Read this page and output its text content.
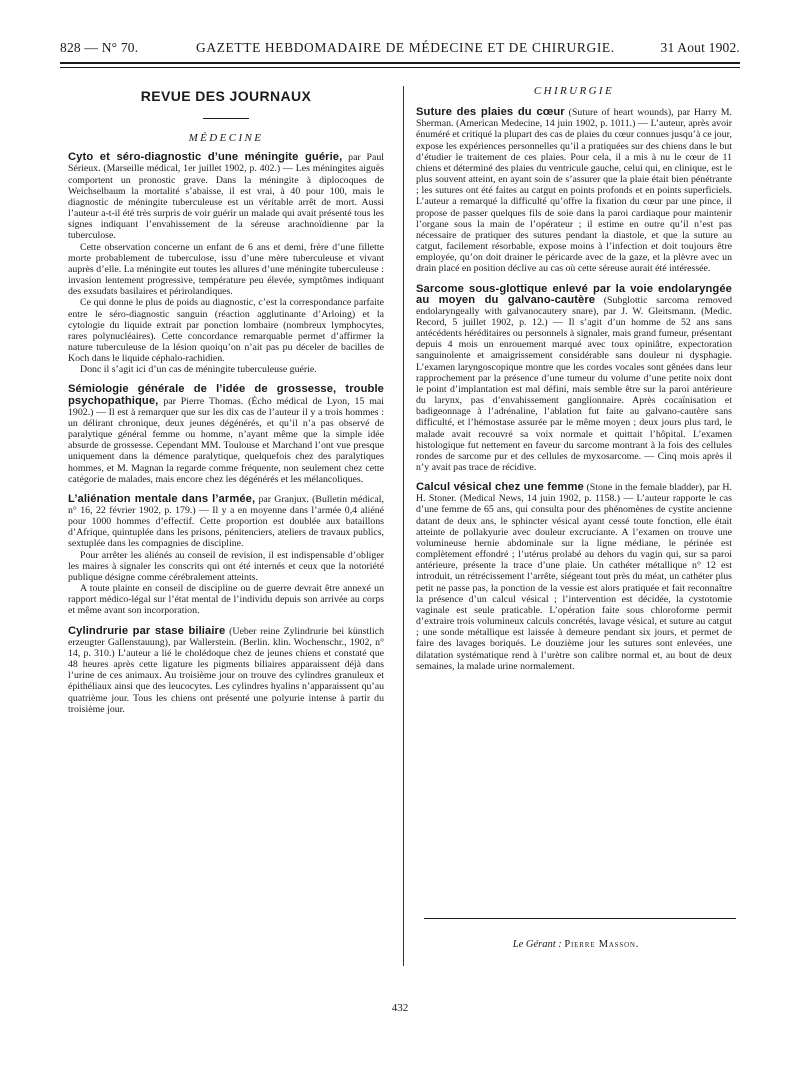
828 — N° 70.	GAZETTE HEBDOMADAIRE DE MÉDECINE ET DE CHIRURGIE.	31 Aout 1902.
REVUE DES JOURNAUX
MÉDECINE

Cyto et séro-diagnostic d’une méningite guérie, par Paul Sérieux. (Marseille médical, 1er juillet 1902, p. 402.) — Les méningites aiguës comportent un pronostic grave. Dans la méningite à diplocoques de Weichselbaum la mortalité s’abaisse, il est vrai, à 40 pour 100, mais le diagnostic de méningite tuberculeuse est un véritable arrêt de mort. Aussi l’auteur a-t-il été très surpris de voir guérir un malade qui avait présenté tous les signes indiquant l’envahissement de la séreuse arachnoïdienne par la tuberculose.

Cette observation concerne un enfant de 6 ans et demi, frère d’une fillette morte probablement de tuberculose, issu d’une mère tuberculeuse et vivant auprès d’elle. La méningite eut toutes les allures d’une méningite tuberculeuse : invasion lentement progressive, température peu élevée, symptômes indiquant des exsudats basilaires et périrolandiques.

Ce qui donne le plus de poids au diagnostic, c’est la correspondance parfaite entre le séro-diagnostic sanguin (réaction agglutinante d’Arloing) et la cytologie du liquide extrait par ponction lombaire (nombreux lymphocytes, rares polynucléaires). Cette concordance remarquable permet d’affirmer la nature tuberculeuse de la lésion quoiqu’on n’ait pas pu déceler de bacilles de Koch dans le liquide céphalo-rachidien.

Donc il s’agit ici d’un cas de méningite tuberculeuse guérie.

Sémiologie générale de l’idée de grossesse, trouble psychopathique, par Pierre Thomas. (Écho médical de Lyon, 15 mai 1902.) — Il est à remarquer que sur les dix cas de l’auteur il y a trois hommes : un délirant chronique, deux jeunes dégénérés, et qu’il n’a pas observé de paralytique général femme ou homme, n’ayant même que la simple idée absurde de grossesse. Cependant MM. Toulouse et Marchand l’ont vue presque uniquement dans la démence paralytique, quelquefois chez des paralytiques hommes, et M. Magnan la regarde comme fréquente, non seulement chez cette catégorie de malades, mais encore chez les dégénérés et les mélancoliques.

L’aliénation mentale dans l’armée, par Granjux. (Bulletin médical, n° 16, 22 février 1902, p. 179.) — Il y a en moyenne dans l’armée 0,4 aliéné pour 1000 hommes d’effectif. Cette proportion est doublée aux bataillons d’Afrique, quintuplée dans les prisons, pénitenciers, ateliers de travaux publics, sextuplée dans les compagnies de discipline.

Pour arrêter les aliénés au conseil de revision, il est indispensable d’obliger les maires à signaler les conscrits qui ont été internés et ceux que la notoriété publique désigne comme cérébralement atteints.

A toute plainte en conseil de discipline ou de guerre devrait être annexé un rapport médico-légal sur l’état mental de l’individu depuis son arrivée au corps et même avant son incorporation.

Cylindrurie par stase biliaire (Ueber reine Zylindrurie bei künstlich erzeugter Gallenstauung), par Wallerstein. (Berlin. klin. Wochenschr., 1902, n° 14, p. 310.) L’auteur a lié le cholédoque chez de jeunes chiens et constaté que 48 heures après cette ligature les pigments biliaires apparaissent déjà dans l’urine de ces animaux. Au troisième jour on trouve des cylindres granuleux et épithéliaux ainsi que des leucocytes. Les cylindres hyalins n’apparaissent qu’au quatrième jour. Tous les chiens ont présenté une polyurie intense à partir du troisième jour.

CHIRURGIE

Suture des plaies du cœur (Suture of heart wounds), par Harry M. Sherman. (American Medecine, 14 juin 1902, p. 1011.) — L’auteur, après avoir énuméré et critiqué la plupart des cas de plaies du cœur connues jusqu’à ce jour, expose les expériences personnelles qu’il a pratiquées sur des chiens dans le but d’étudier le traitement de ces plaies. Pour cela, il a mis à nu le cœur de 11 chiens et déterminé des plaies du ventricule gauche, celui qui, en clinique, est le plus souvent atteint, en ayant soin de s’assurer que la plaie était bien pénétrante ; les sutures ont été faites au catgut en points profonds et en points superficiels. L’auteur a remarqué la difficulté qu’offre la fixation du cœur par une pince, il propose de passer quelques fils de soie dans la paroi cardiaque pour maintenir l’organe sous la main de l’opérateur ; il estime en outre qu’il n’est pas nécessaire de pratiquer des sutures pendant la diastole, et que la suture au catgut, facilement résorbable, expose moins à l’infection et doit toujours être employée, qu’on doit drainer le péricarde avec de la gaze, et la plèvre avec un drain placé en position déclive au cas où cette séreuse aurait été intéressée.

Sarcome sous-glottique enlevé par la voie endolaryngée au moyen du galvano-cautère (Subglottic sarcoma removed endolaryngeally with galvanocautery snare), par J. W. Gleitsmann. (Medic. Record, 5 juillet 1902, p. 12.) — Il s’agit d’un homme de 52 ans sans antécédents héréditaires ou personnels à signaler, mais grand fumeur, présentant depuis 4 mois un enrouement marqué avec toux opiniâtre, expectoration sanguinolente et amaigrissement considérable sans douleur ni dysphagie. L’examen laryngoscopique montre que les cordes vocales sont gênées dans leur rapprochement par la présence d’une tumeur du volume d’une petite noix dont le point d’implantation est mal défini, mais semble être sur la paroi antérieure du larynx, pas d’envahissement ganglionnaire. Après cocaïnisation et badigeonnage à l’adrénaline, l’ablation fut faite au galvano-cautère sans difficulté, et l’hémostase assurée par le même moyen ; deux jours plus tard, le malade avait recouvré sa voix normale et quittait l’hôpital. L’examen histologique fut nettement en faveur du sarcome montrant à la fois des cellules rondes de sarcome pur et des cellules de myxosarcome. — Cinq mois après il n’y avait pas trace de récidive.

Calcul vésical chez une femme (Stone in the female bladder), par H. H. Stoner. (Medical News, 14 juin 1902, p. 1158.) — L’auteur rapporte le cas d’une femme de 65 ans, qui consulta pour des phénomènes de cystite ancienne datant de deux ans, le sphincter vésical ayant cessé toute fonction, elle était atteinte de pollakyurie avec douleur excruciante. A l’examen on trouve une volumineuse hernie abdominale sur la ligne médiane, le périnée est complètement effondré ; l’utérus prolabé au dehors du vagin qui, sur sa paroi antérieure, présente la trace d’une plaie. Un cathéter métallique n° 12 est introduit, un rétrécissement l’arrête, siégeant tout près du méat, un cathéter plus petit ne passe pas, la ponction de la vessie est alors pratiquée et fait reconnaître la présence d’un calcul vésical ; l’intervention est décidée, la cystotomie vaginale est seule praticable. L’opération faite sous chloroforme permit d’extraire trois volumineux calculs concrétés, lavage vésical, et suture au catgut ; une sonde métallique est laissée à demeure pendant six jours, et permet de faire des lavages boriqués. Le douzième jour les sutures sont enlevées, une dilatation systématique rend à l’urètre son calibre normal et, au bout de deux semaines, la malade urine normalement.

Le Gérant : Pierre Masson.
432
